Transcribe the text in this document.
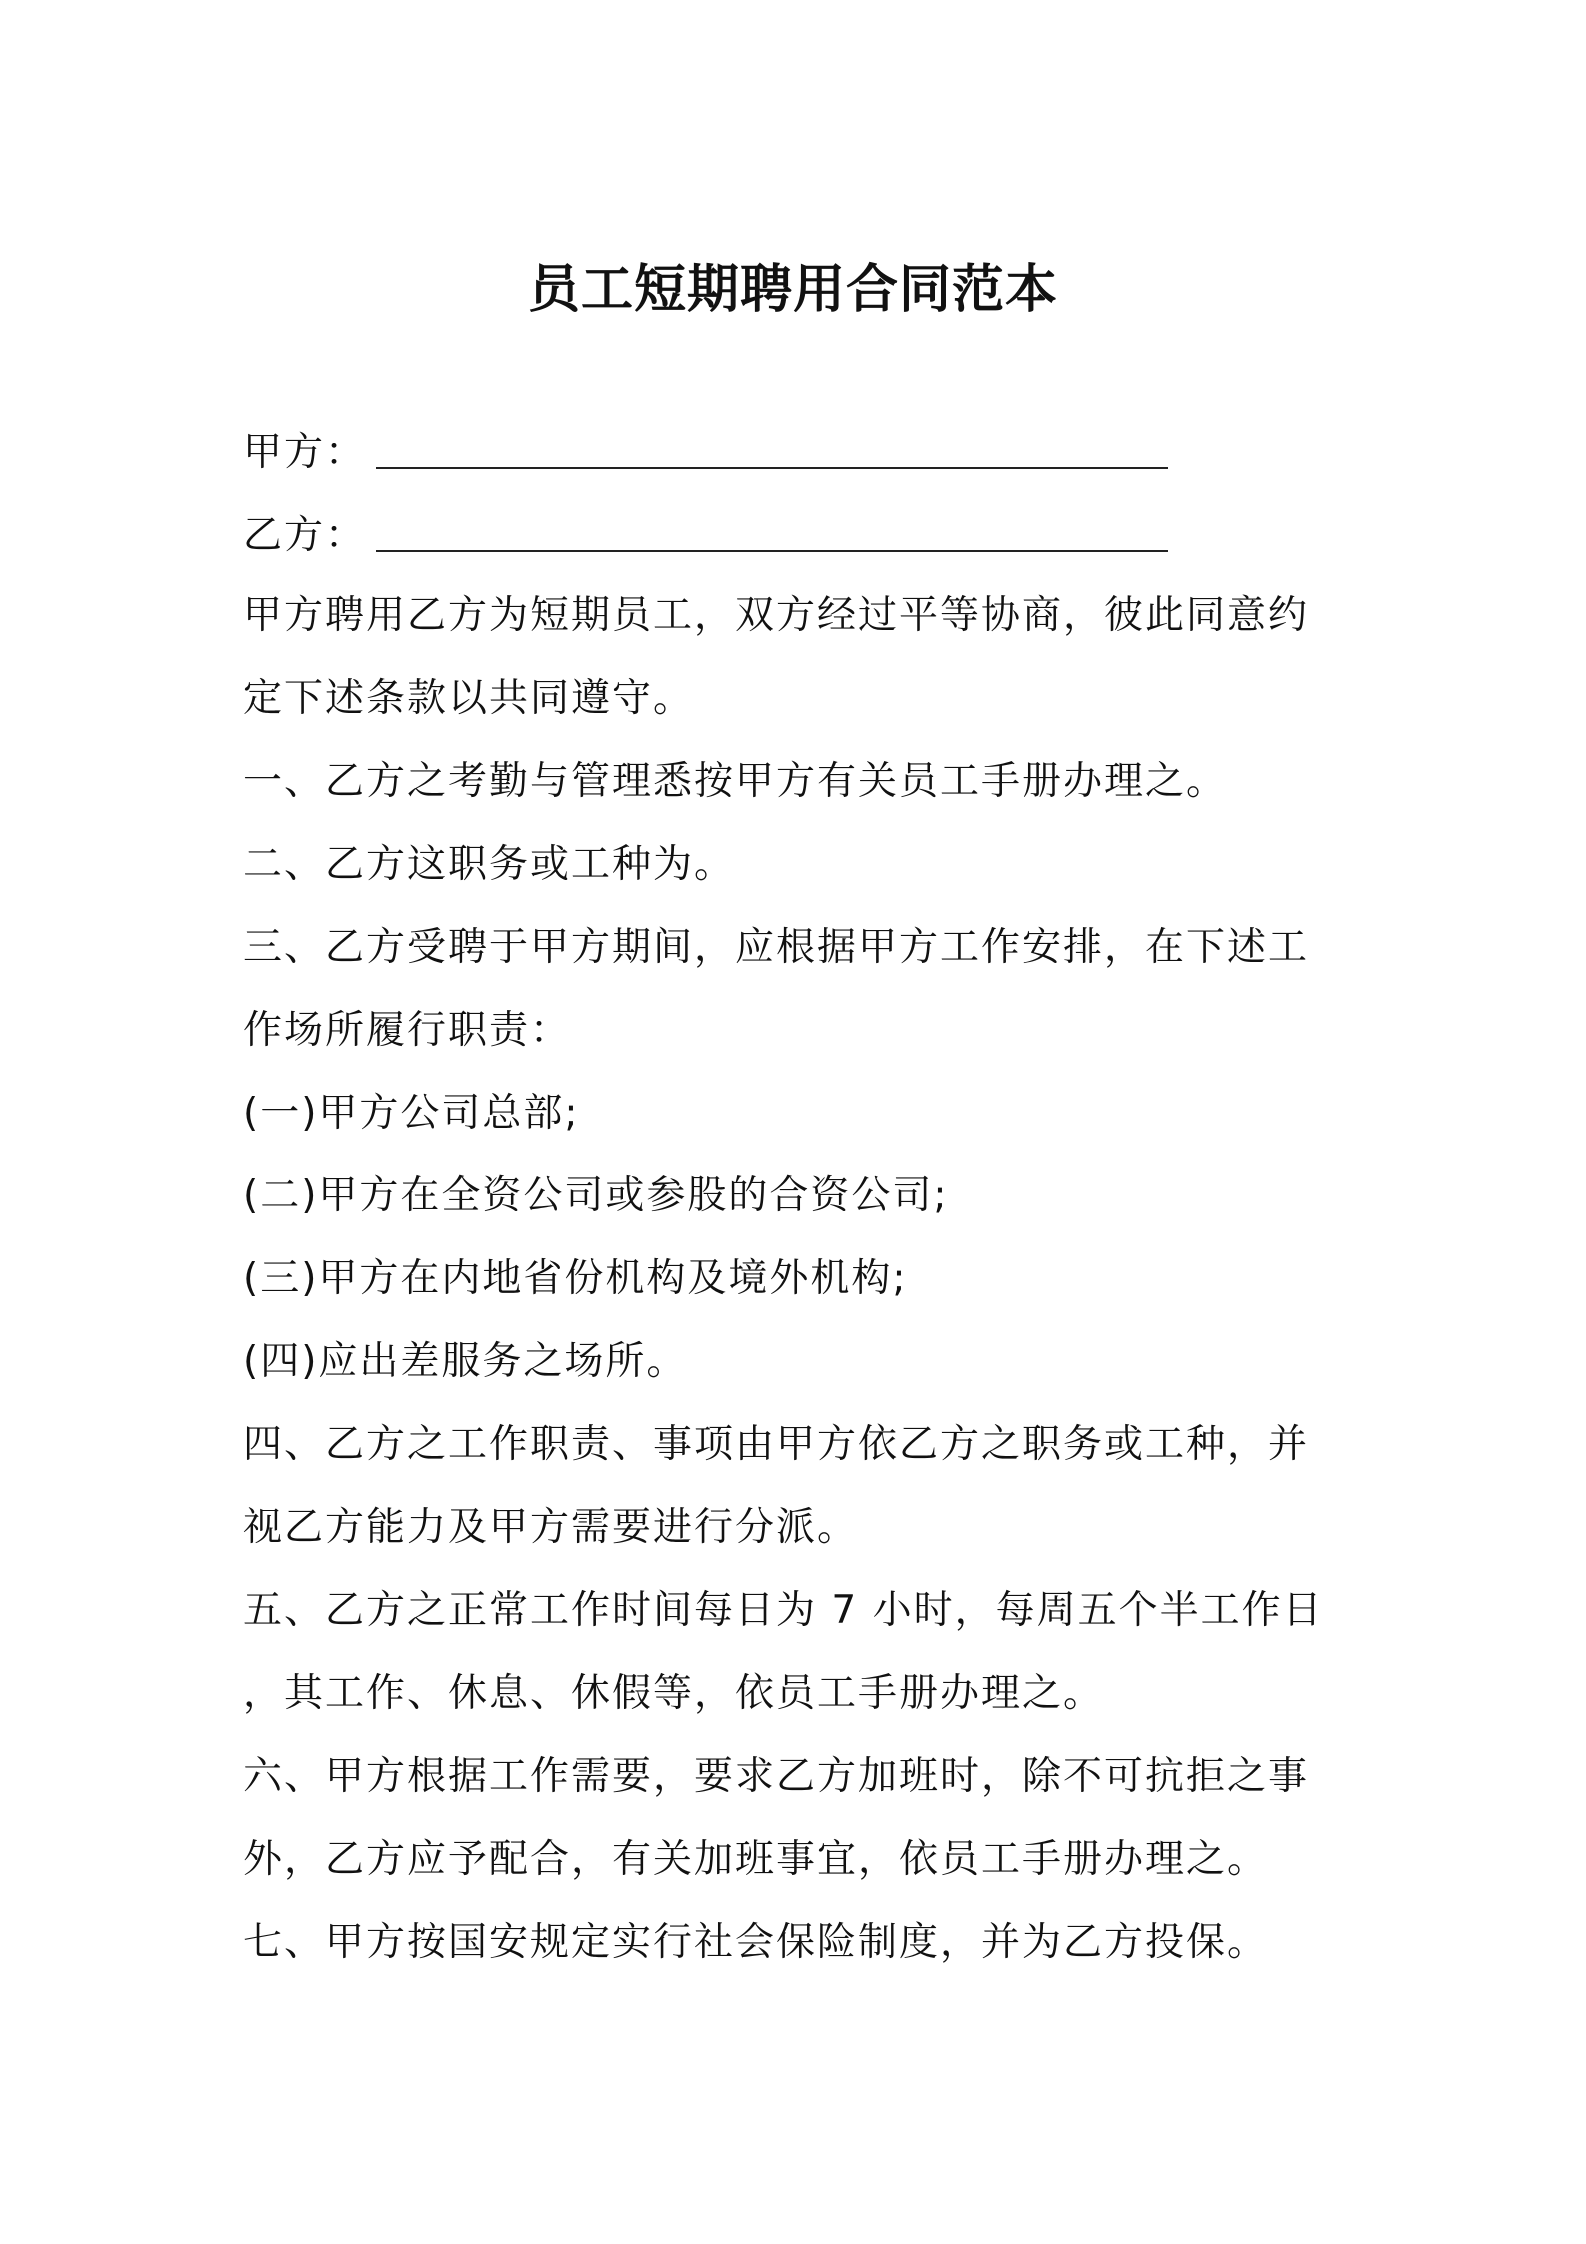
员工短期聘用合同范本
甲方：
乙方：
甲方聘用乙方为短期员工，双方经过平等协商，彼此同意约
定下述条款以共同遵守。
一、乙方之考勤与管理悉按甲方有关员工手册办理之。
二、乙方这职务或工种为。
三、乙方受聘于甲方期间，应根据甲方工作安排，在下述工
作场所履行职责：
(一)甲方公司总部;
(二)甲方在全资公司或参股的合资公司;
(三)甲方在内地省份机构及境外机构;
(四)应出差服务之场所。
四、乙方之工作职责、事项由甲方依乙方之职务或工种，并
视乙方能力及甲方需要进行分派。
五、乙方之正常工作时间每日为 7 小时，每周五个半工作日
，其工作、休息、休假等，依员工手册办理之。
六、甲方根据工作需要，要求乙方加班时，除不可抗拒之事
外，乙方应予配合，有关加班事宜，依员工手册办理之。
七、甲方按国安规定实行社会保险制度，并为乙方投保。
